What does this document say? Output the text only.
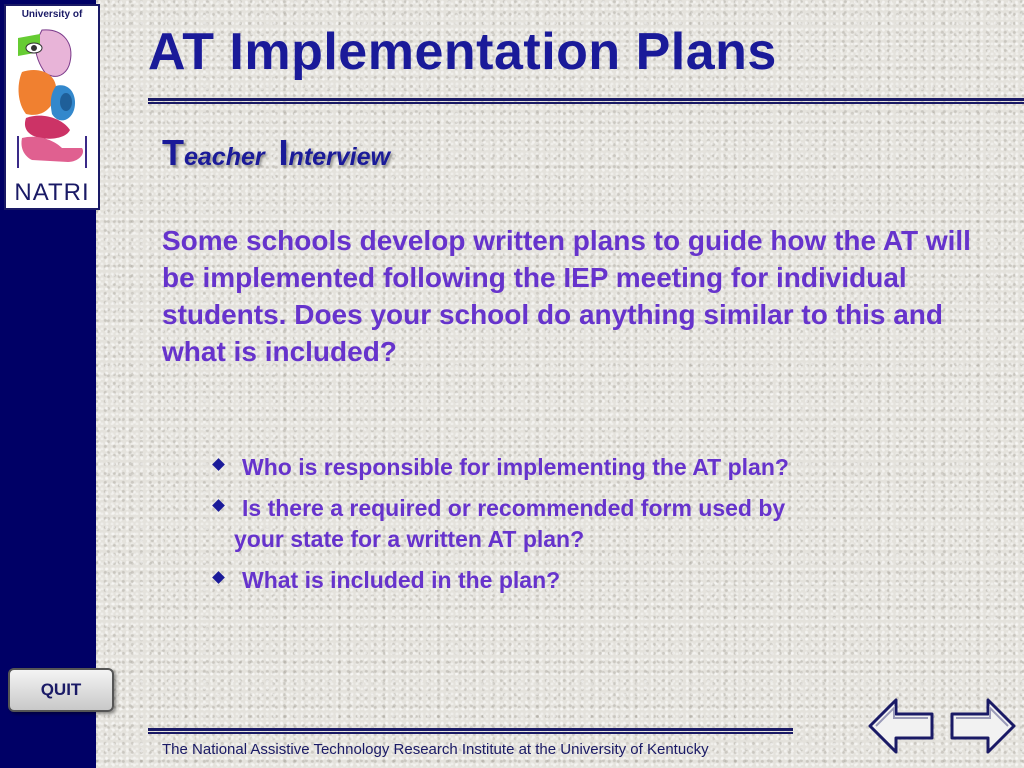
University of
NATRI
QUIT
AT Implementation Plans
Teacher Interview
Some schools develop written plans to guide how the AT will be implemented following the IEP meeting for individual students. Does your school do anything similar to this and what is included?
Who is responsible for implementing the AT plan?
Is there a required or recommended form used by
your state for a written AT plan?
What is included in the plan?
The National Assistive Technology Research Institute at the University of Kentucky
